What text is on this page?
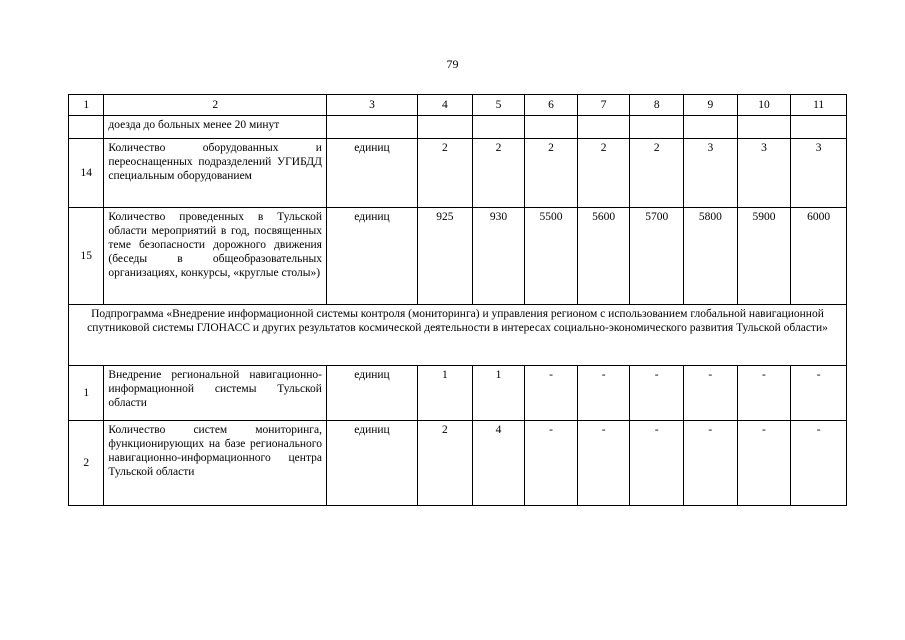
79
1	2	3	4	5	6	7	8	9	10	11
	доезда до больных менее 20 минут									
14	Количество оборудованных и переоснащенных подразделений УГИБДД специальным оборудованием	единиц	2	2	2	2	2	3	3	3
15	Количество проведенных в Тульской области мероприятий в год, посвященных теме безопасности дорожного движения (беседы в общеобразовательных организациях, конкурсы, «круглые столы»)	единиц	925	930	5500	5600	5700	5800	5900	6000
Подпрограмма «Внедрение информационной системы контроля (мониторинга) и управления регионом с использованием глобальной навигационной спутниковой системы ГЛОНАСС и других результатов космической деятельности в интересах социально-экономического развития Тульской области»										
1	Внедрение региональной навигационно-информационной системы Тульской области	единиц	1	1	-	-	-	-	-	-
2	Количество систем мониторинга, функционирующих на базе регионального навигационно-информационного центра Тульской области	единиц	2	4	-	-	-	-	-	-
